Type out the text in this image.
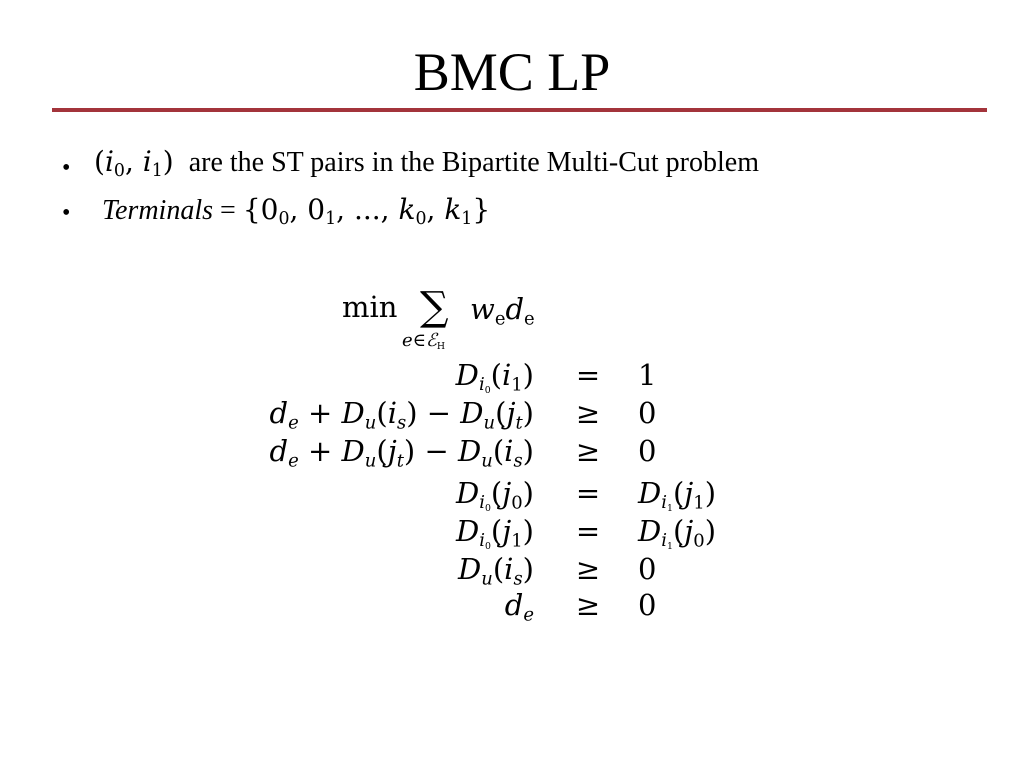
BMC LP
• ($i_0$, $i_1$) are the ST pairs in the Bipartite Multi-Cut problem
• Terminals = {$0_0$, $0_1$, ..., $k_0$, $k_1$}
min ∑
e∈ℰ$_H$
$w_ed_e$
$D_{i_0}(i_1) = 1$
$d_e + D_u(i_s) - D_u(j_t) \ge 0$
$d_e + D_u(j_t) - D_u(i_s) \ge 0$
$D_{i_0}(j_0) = D_{i_1}(j_1)$
$D_{i_0}(j_1) = D_{i_1}(j_0)$
$D_u(i_s) \ge 0$
$d_e \ge 0$
